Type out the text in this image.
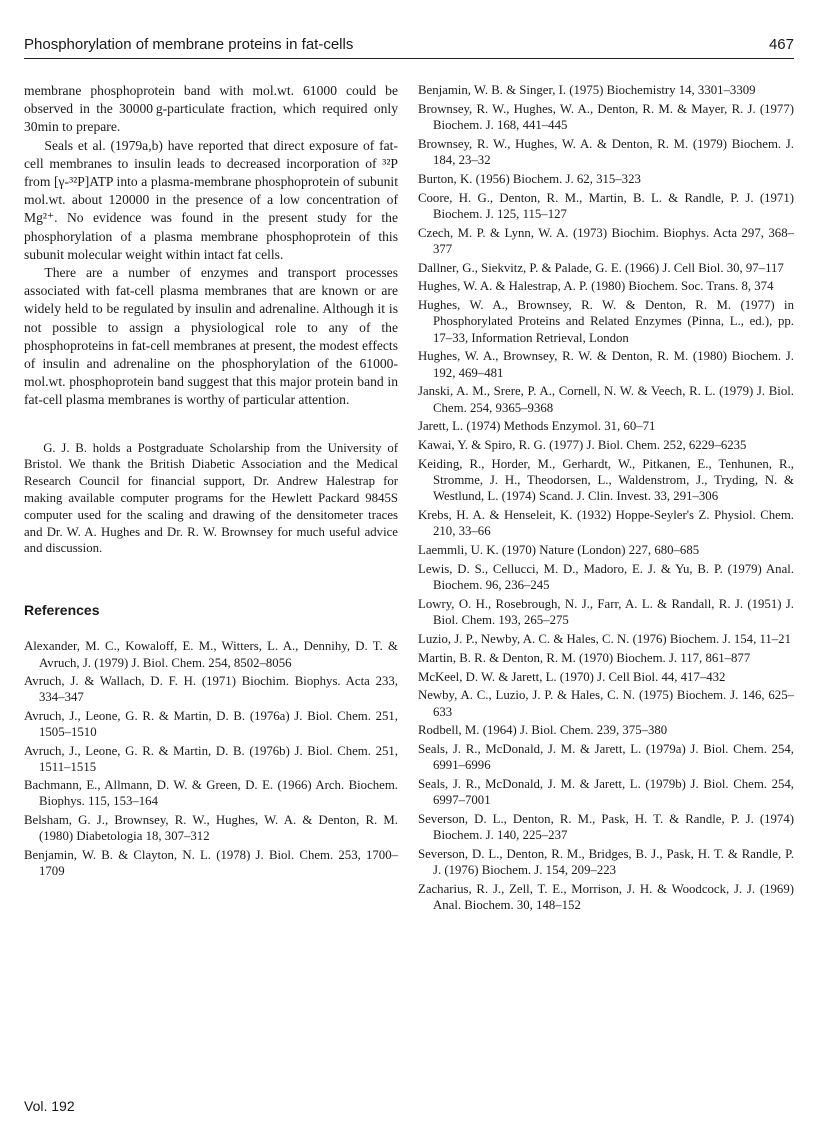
Phosphorylation of membrane proteins in fat-cells	467

membrane phosphoprotein band with mol.wt. 61000 could be observed in the 30000 g-particulate fraction, which required only 30min to prepare.

Seals et al. (1979a,b) have reported that direct exposure of fat-cell membranes to insulin leads to decreased incorporation of ³²P from [γ-³²P]ATP into a plasma-membrane phosphoprotein of subunit mol.wt. about 120000 in the presence of a low concentration of Mg²⁺. No evidence was found in the present study for the phosphorylation of a plasma membrane phosphoprotein of this subunit molecular weight within intact fat cells.

There are a number of enzymes and transport processes associated with fat-cell plasma membranes that are known or are widely held to be regulated by insulin and adrenaline. Although it is not possible to assign a physiological role to any of the phosphoproteins in fat-cell membranes at present, the modest effects of insulin and adrenaline on the phosphorylation of the 61000-mol.wt. phosphoprotein band suggest that this major protein band in fat-cell plasma membranes is worthy of particular attention.

G. J. B. holds a Postgraduate Scholarship from the University of Bristol. We thank the British Diabetic Association and the Medical Research Council for financial support, Dr. Andrew Halestrap for making available computer programs for the Hewlett Packard 9845S computer used for the scaling and drawing of the densitometer traces and Dr. W. A. Hughes and Dr. R. W. Brownsey for much useful advice and discussion.

References
Alexander, M. C., Kowaloff, E. M., Witters, L. A., Dennihy, D. T. & Avruch, J. (1979) J. Biol. Chem. 254, 8502–8056
Avruch, J. & Wallach, D. F. H. (1971) Biochim. Biophys. Acta 233, 334–347
Avruch, J., Leone, G. R. & Martin, D. B. (1976a) J. Biol. Chem. 251, 1505–1510
Avruch, J., Leone, G. R. & Martin, D. B. (1976b) J. Biol. Chem. 251, 1511–1515
Bachmann, E., Allmann, D. W. & Green, D. E. (1966) Arch. Biochem. Biophys. 115, 153–164
Belsham, G. J., Brownsey, R. W., Hughes, W. A. & Denton, R. M. (1980) Diabetologia 18, 307–312
Benjamin, W. B. & Clayton, N. L. (1978) J. Biol. Chem. 253, 1700–1709
Benjamin, W. B. & Singer, I. (1975) Biochemistry 14, 3301–3309
Brownsey, R. W., Hughes, W. A., Denton, R. M. & Mayer, R. J. (1977) Biochem. J. 168, 441–445
Brownsey, R. W., Hughes, W. A. & Denton, R. M. (1979) Biochem. J. 184, 23–32
Burton, K. (1956) Biochem. J. 62, 315–323
Coore, H. G., Denton, R. M., Martin, B. L. & Randle, P. J. (1971) Biochem. J. 125, 115–127
Czech, M. P. & Lynn, W. A. (1973) Biochim. Biophys. Acta 297, 368–377
Dallner, G., Siekvitz, P. & Palade, G. E. (1966) J. Cell Biol. 30, 97–117
Hughes, W. A. & Halestrap, A. P. (1980) Biochem. Soc. Trans. 8, 374
Hughes, W. A., Brownsey, R. W. & Denton, R. M. (1977) in Phosphorylated Proteins and Related Enzymes (Pinna, L., ed.), pp. 17–33, Information Retrieval, London
Hughes, W. A., Brownsey, R. W. & Denton, R. M. (1980) Biochem. J. 192, 469–481
Janski, A. M., Srere, P. A., Cornell, N. W. & Veech, R. L. (1979) J. Biol. Chem. 254, 9365–9368
Jarett, L. (1974) Methods Enzymol. 31, 60–71
Kawai, Y. & Spiro, R. G. (1977) J. Biol. Chem. 252, 6229–6235
Keiding, R., Horder, M., Gerhardt, W., Pitkanen, E., Tenhunen, R., Stromme, J. H., Theodorsen, L., Waldenstrom, J., Tryding, N. & Westlund, L. (1974) Scand. J. Clin. Invest. 33, 291–306
Krebs, H. A. & Henseleit, K. (1932) Hoppe-Seyler's Z. Physiol. Chem. 210, 33–66
Laemmli, U. K. (1970) Nature (London) 227, 680–685
Lewis, D. S., Cellucci, M. D., Madoro, E. J. & Yu, B. P. (1979) Anal. Biochem. 96, 236–245
Lowry, O. H., Rosebrough, N. J., Farr, A. L. & Randall, R. J. (1951) J. Biol. Chem. 193, 265–275
Luzio, J. P., Newby, A. C. & Hales, C. N. (1976) Biochem. J. 154, 11–21
Martin, B. R. & Denton, R. M. (1970) Biochem. J. 117, 861–877
McKeel, D. W. & Jarett, L. (1970) J. Cell Biol. 44, 417–432
Newby, A. C., Luzio, J. P. & Hales, C. N. (1975) Biochem. J. 146, 625–633
Rodbell, M. (1964) J. Biol. Chem. 239, 375–380
Seals, J. R., McDonald, J. M. & Jarett, L. (1979a) J. Biol. Chem. 254, 6991–6996
Seals, J. R., McDonald, J. M. & Jarett, L. (1979b) J. Biol. Chem. 254, 6997–7001
Severson, D. L., Denton, R. M., Pask, H. T. & Randle, P. J. (1974) Biochem. J. 140, 225–237
Severson, D. L., Denton, R. M., Bridges, B. J., Pask, H. T. & Randle, P. J. (1976) Biochem. J. 154, 209–223
Zacharius, R. J., Zell, T. E., Morrison, J. H. & Woodcock, J. J. (1969) Anal. Biochem. 30, 148–152
Vol. 192
